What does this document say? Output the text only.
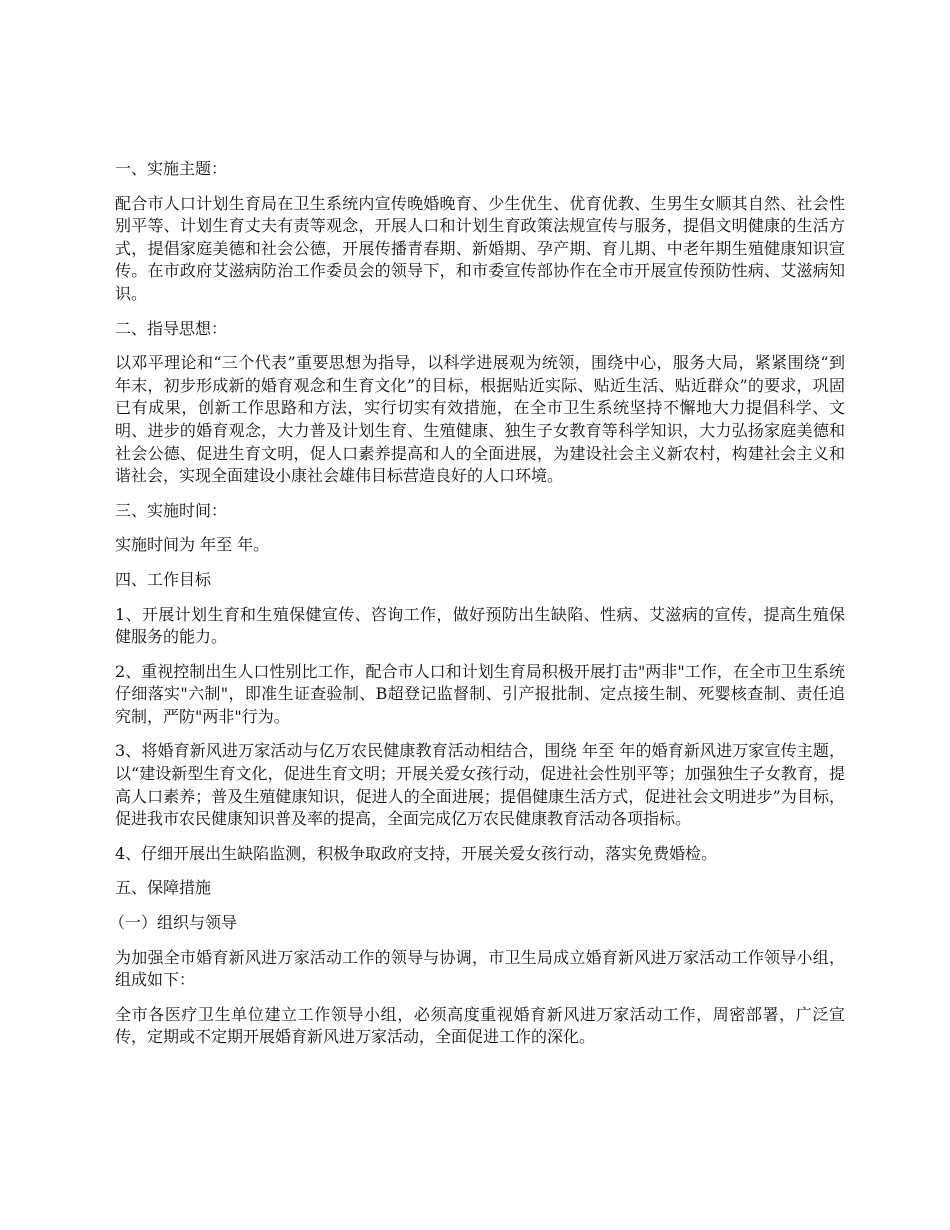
一、实施主题：

配合市人口计划生育局在卫生系统内宣传晚婚晚育、少生优生、优育优教、生男生女顺其自然、社会性别平等、计划生育丈夫有责等观念，开展人口和计划生育政策法规宣传与服务，提倡文明健康的生活方式，提倡家庭美德和社会公德，开展传播青春期、新婚期、孕产期、育儿期、中老年期生殖健康知识宣传。在市政府艾滋病防治工作委员会的领导下，和市委宣传部协作在全市开展宣传预防性病、艾滋病知识。

二、指导思想：

以邓平理论和“三个代表”重要思想为指导，以科学进展观为统领，围绕中心，服务大局，紧紧围绕“到 年末，初步形成新的婚育观念和生育文化”的目标，根据贴近实际、贴近生活、贴近群众”的要求，巩固已有成果，创新工作思路和方法，实行切实有效措施，在全市卫生系统坚持不懈地大力提倡科学、文明、进步的婚育观念，大力普及计划生育、生殖健康、独生子女教育等科学知识，大力弘扬家庭美德和社会公德、促进生育文明，促人口素养提高和人的全面进展，为建设社会主义新农村，构建社会主义和谐社会，实现全面建设小康社会雄伟目标营造良好的人口环境。

三、实施时间：

实施时间为 年至 年。

四、工作目标

1、开展计划生育和生殖保健宣传、咨询工作，做好预防出生缺陷、性病、艾滋病的宣传，提高生殖保健服务的能力。

2、重视控制出生人口性别比工作，配合市人口和计划生育局积极开展打击"两非"工作，在全市卫生系统仔细落实"六制"，即准生证查验制、B超登记监督制、引产报批制、定点接生制、死婴核查制、责任追究制，严防"两非"行为。

3、将婚育新风进万家活动与亿万农民健康教育活动相结合，围绕 年至 年的婚育新风进万家宣传主题，以“建设新型生育文化，促进生育文明；开展关爱女孩行动，促进社会性别平等；加强独生子女教育，提高人口素养；普及生殖健康知识，促进人的全面进展；提倡健康生活方式，促进社会文明进步”为目标，促进我市农民健康知识普及率的提高，全面完成亿万农民健康教育活动各项指标。

4、仔细开展出生缺陷监测，积极争取政府支持，开展关爱女孩行动，落实免费婚检。

五、保障措施

（一）组织与领导

为加强全市婚育新风进万家活动工作的领导与协调，市卫生局成立婚育新风进万家活动工作领导小组，组成如下：

全市各医疗卫生单位建立工作领导小组，必须高度重视婚育新风进万家活动工作，周密部署，广泛宣传，定期或不定期开展婚育新风进万家活动，全面促进工作的深化。
